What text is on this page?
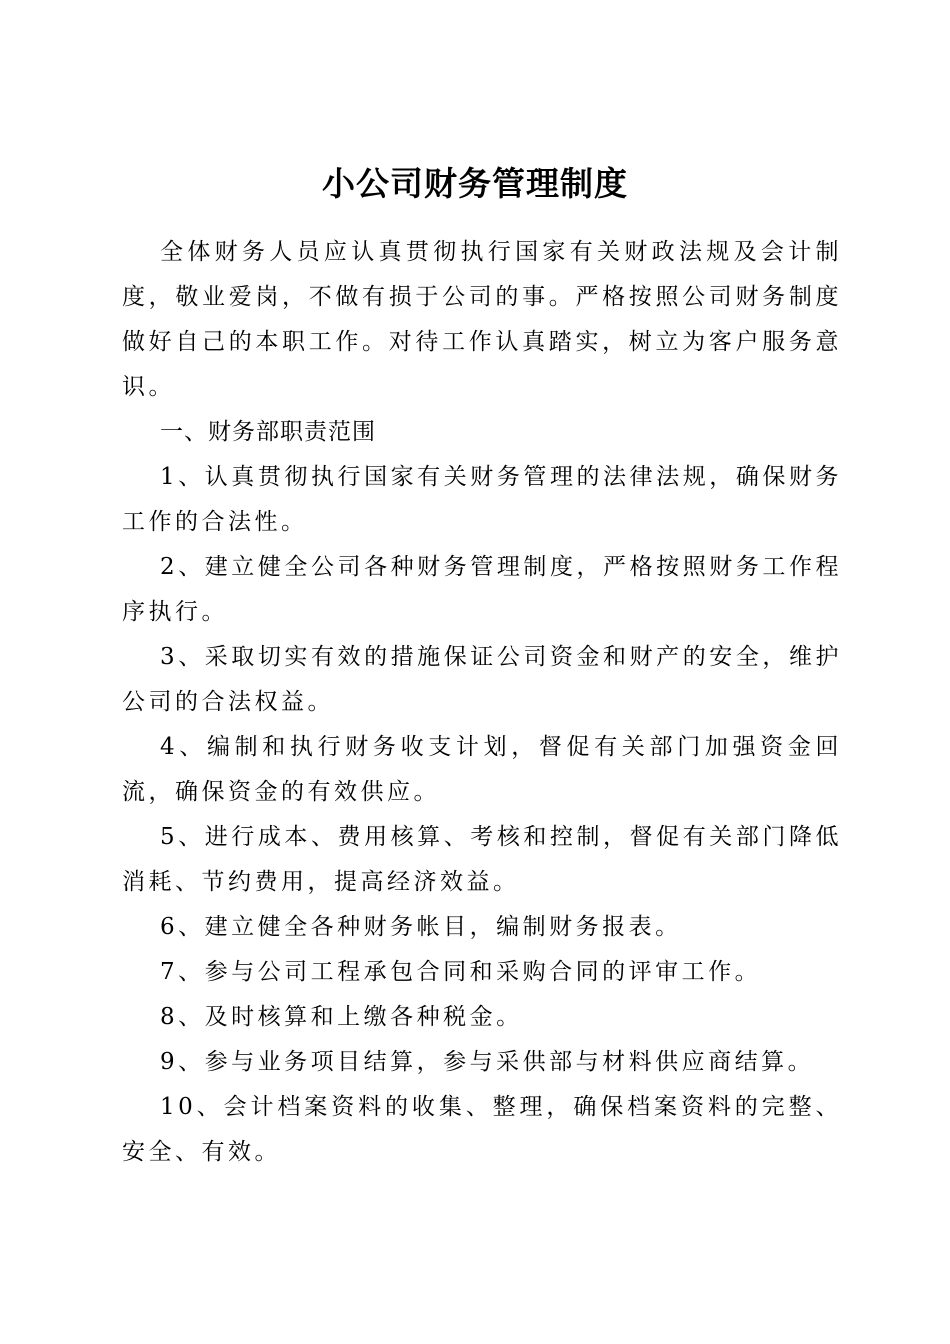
小公司财务管理制度

全体财务人员应认真贯彻执行国家有关财政法规及会计制度，敬业爱岗，不做有损于公司的事。严格按照公司财务制度做好自己的本职工作。对待工作认真踏实，树立为客户服务意识。

一、财务部职责范围

1、认真贯彻执行国家有关财务管理的法律法规，确保财务工作的合法性。

2、建立健全公司各种财务管理制度，严格按照财务工作程序执行。

3、采取切实有效的措施保证公司资金和财产的安全，维护公司的合法权益。

4、编制和执行财务收支计划，督促有关部门加强资金回流，确保资金的有效供应。

5、进行成本、费用核算、考核和控制，督促有关部门降低消耗、节约费用，提高经济效益。

6、建立健全各种财务帐目，编制财务报表。

7、参与公司工程承包合同和采购合同的评审工作。

8、及时核算和上缴各种税金。

9、参与业务项目结算，参与采供部与材料供应商结算。

10、会计档案资料的收集、整理，确保档案资料的完整、安全、有效。
